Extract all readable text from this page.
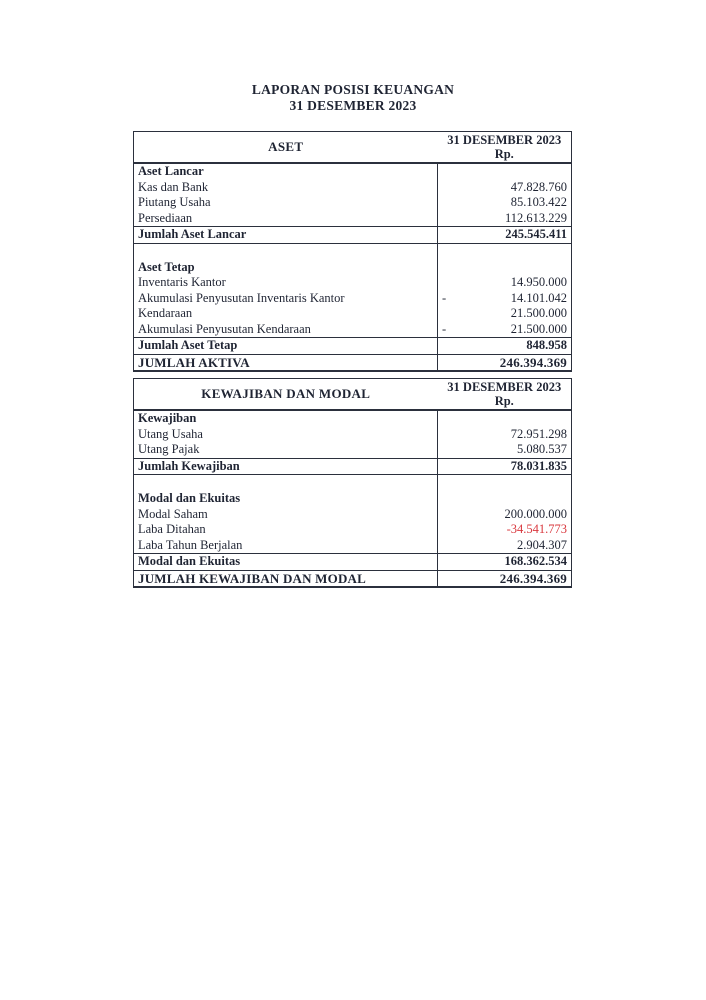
LAPORAN POSISI KEUANGAN
31 DESEMBER 2023
ASET	31 DESEMBER 2023
Rp.

Aset Lancar	

Kas dan Bank	47.828.760

Piutang Usaha	85.103.422

Persediaan	112.613.229

Jumlah Aset Lancar	245.545.411

Aset Tetap	

Inventaris Kantor	14.950.000

Akumulasi Penyusutan Inventaris Kantor	- 14.101.042

Kendaraan	21.500.000

Akumulasi Penyusutan Kendaraan	- 21.500.000

Jumlah Aset Tetap	848.958

JUMLAH AKTIVA	246.394.369
KEWAJIBAN DAN MODAL	31 DESEMBER 2023
Rp.

Kewajiban	

Utang Usaha	72.951.298

Utang Pajak	5.080.537

Jumlah Kewajiban	78.031.835

Modal dan Ekuitas	

Modal Saham	200.000.000

Laba Ditahan	-34.541.773

Laba Tahun Berjalan	2.904.307

Modal dan Ekuitas	168.362.534

JUMLAH KEWAJIBAN DAN MODAL	246.394.369
